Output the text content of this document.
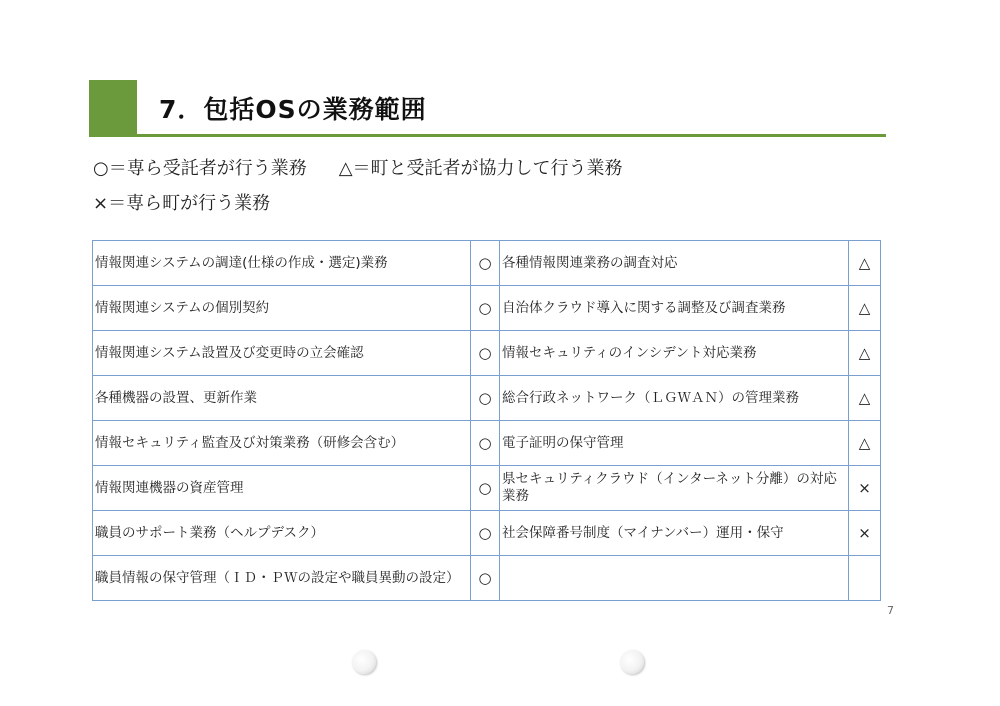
7．包括OSの業務範囲
○＝専ら受託者が行う業務 △＝町と受託者が協力して行う業務
×＝専ら町が行う業務
情報関連システムの調達(仕様の作成・選定)業務	○	各種情報関連業務の調査対応	△
情報関連システムの個別契約	○	自治体クラウド導入に関する調整及び調査業務	△
情報関連システム設置及び変更時の立会確認	○	情報セキュリティのインシデント対応業務	△
各種機器の設置、更新作業	○	総合行政ネットワーク（ＬＧＷＡＮ）の管理業務	△
情報セキュリティ監査及び対策業務（研修会含む）	○	電子証明の保守管理	△
情報関連機器の資産管理	○	県セキュリティクラウド（インターネット分離）の対応業務	×
職員のサポート業務（ヘルプデスク）	○	社会保障番号制度（マイナンバー）運用・保守	×
職員情報の保守管理（ＩＤ・ＰＷの設定や職員異動の設定）	○		
7
